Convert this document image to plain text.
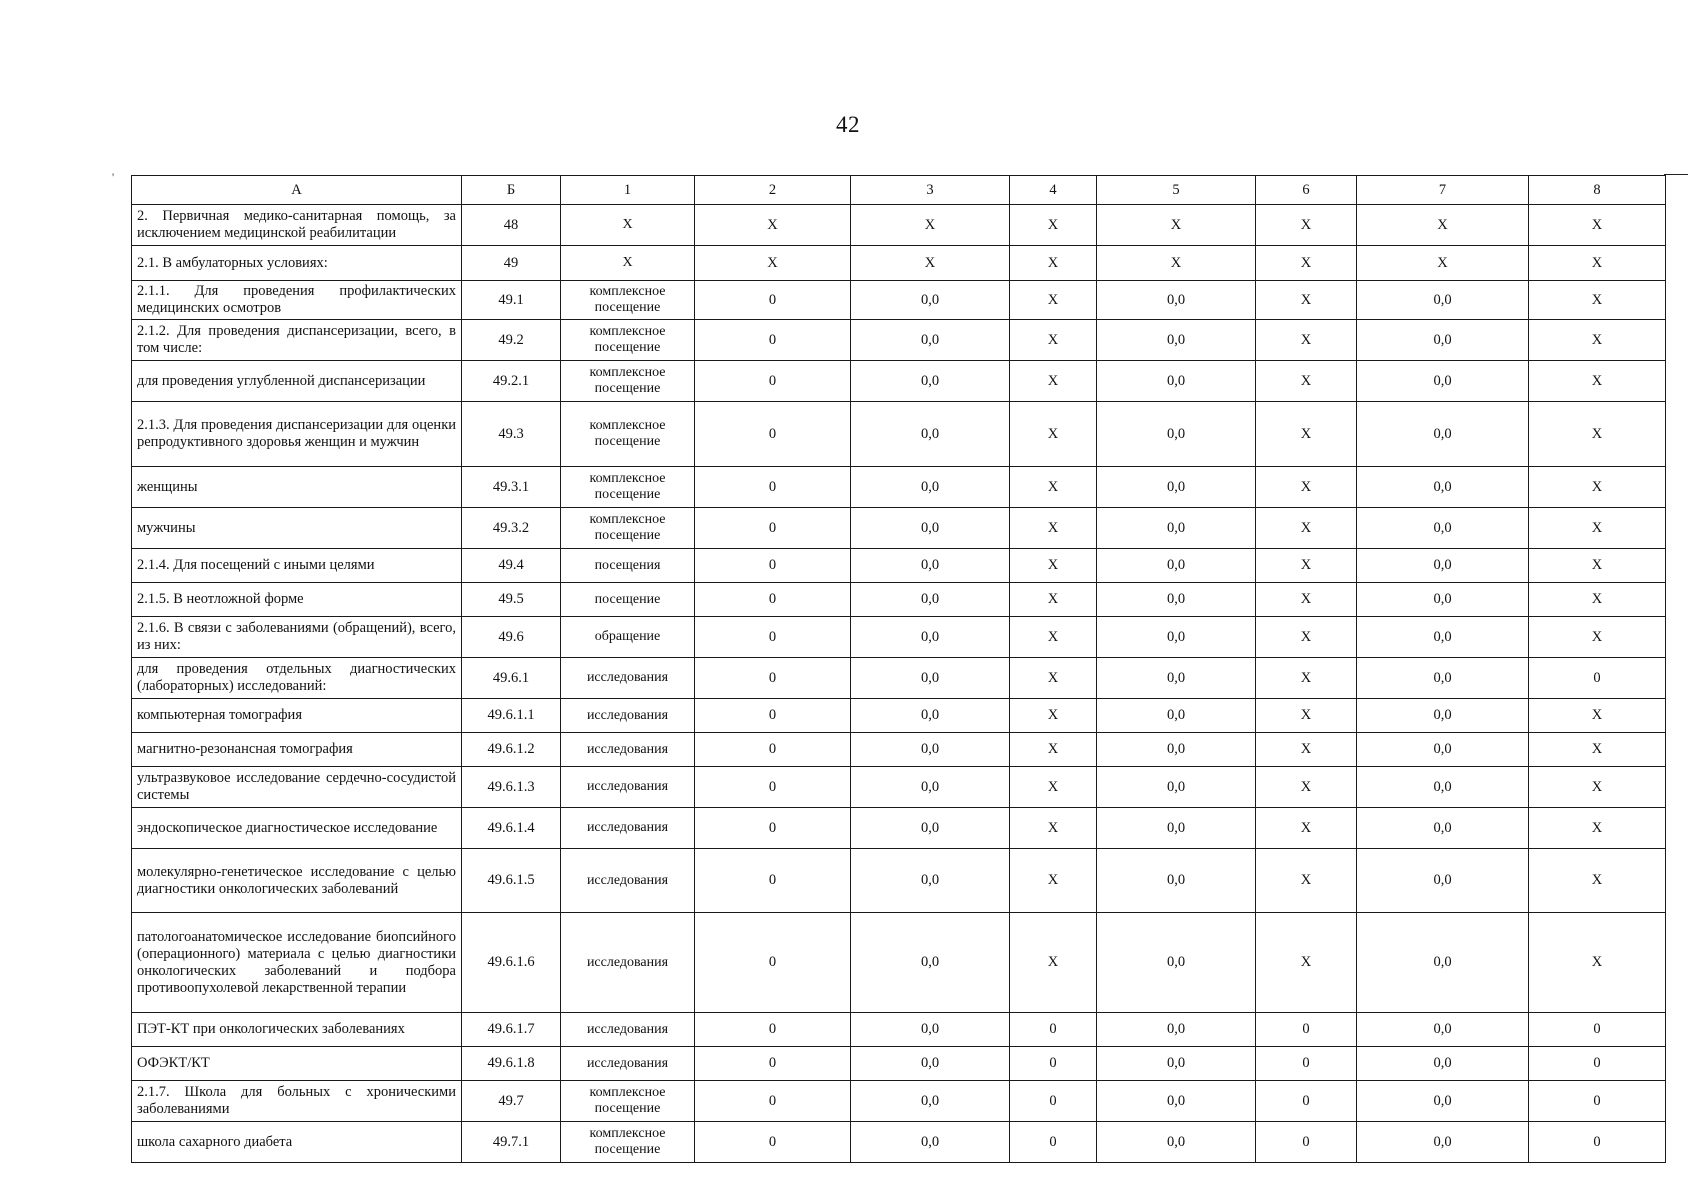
42
'
А	Б	1	2	3	4	5	6	7	8
2. Первичная медико-санитарная помощь, за исключением медицинской реабилитации	48	X	X	X	X	X	X	X	X
2.1. В амбулаторных условиях:	49	X	X	X	X	X	X	X	X
2.1.1. Для проведения профилактических медицинских осмотров	49.1	комплексное посещение	0	0,0	X	0,0	X	0,0	X
2.1.2. Для проведения диспансеризации, всего, в том числе:	49.2	комплексное посещение	0	0,0	X	0,0	X	0,0	X
для проведения углубленной диспансеризации	49.2.1	комплексное посещение	0	0,0	X	0,0	X	0,0	X
2.1.3. Для проведения диспансеризации для оценки репродуктивного здоровья женщин и мужчин	49.3	комплексное посещение	0	0,0	X	0,0	X	0,0	X
женщины	49.3.1	комплексное посещение	0	0,0	X	0,0	X	0,0	X
мужчины	49.3.2	комплексное посещение	0	0,0	X	0,0	X	0,0	X
2.1.4. Для посещений с иными целями	49.4	посещения	0	0,0	X	0,0	X	0,0	X
2.1.5. В неотложной форме	49.5	посещение	0	0,0	X	0,0	X	0,0	X
2.1.6. В связи с заболеваниями (обращений), всего, из них:	49.6	обращение	0	0,0	X	0,0	X	0,0	X
для проведения отдельных диагностических (лабораторных) исследований:	49.6.1	исследования	0	0,0	X	0,0	X	0,0	0
компьютерная томография	49.6.1.1	исследования	0	0,0	X	0,0	X	0,0	X
магнитно-резонансная томография	49.6.1.2	исследования	0	0,0	X	0,0	X	0,0	X
ультразвуковое исследование сердечно-сосудистой системы	49.6.1.3	исследования	0	0,0	X	0,0	X	0,0	X
эндоскопическое диагностическое исследование	49.6.1.4	исследования	0	0,0	X	0,0	X	0,0	X
молекулярно-генетическое исследование с целью диагностики онкологических заболеваний	49.6.1.5	исследования	0	0,0	X	0,0	X	0,0	X
патологоанатомическое исследование биопсийного (операционного) материала с целью диагностики онкологических заболеваний и подбора противоопухолевой лекарственной терапии	49.6.1.6	исследования	0	0,0	X	0,0	X	0,0	X
ПЭТ-КТ при онкологических заболеваниях	49.6.1.7	исследования	0	0,0	0	0,0	0	0,0	0
ОФЭКТ/КТ	49.6.1.8	исследования	0	0,0	0	0,0	0	0,0	0
2.1.7. Школа для больных с хроническими заболеваниями	49.7	комплексное посещение	0	0,0	0	0,0	0	0,0	0
школа сахарного диабета	49.7.1	комплексное посещение	0	0,0	0	0,0	0	0,0	0
